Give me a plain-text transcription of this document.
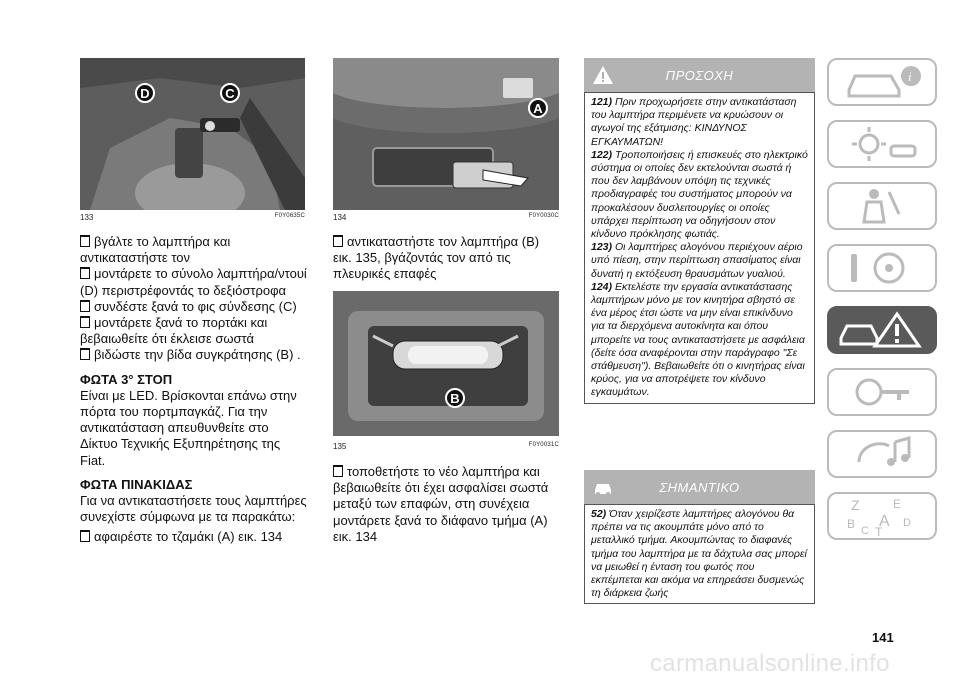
D	C
133	F0Y0635C
βγάλτε το λαμπτήρα και αντικαταστήστε τον
μοντάρετε το σύνολο λαμπτήρα/ντουί (D) περιστρέφοντάς το δεξιόστροφα
συνδέστε ξανά το φις σύνδεσης (C)
μοντάρετε ξανά το πορτάκι και βεβαιωθείτε ότι έκλεισε σωστά
βιδώστε την βίδα συγκράτησης (B) .
ΦΩΤΑ 3° ΣΤΟΠ
Είναι με LED. Βρίσκονται επάνω στην πόρτα του πορτμπαγκάζ. Για την αντικατάσταση απευθυνθείτε στο Δίκτυο Τεχνικής Εξυπηρέτησης της Fiat.
ΦΩΤΑ ΠΙΝΑΚΙΔΑΣ
Για να αντικαταστήσετε τους λαμπτήρες συνεχίστε σύμφωνα με τα παρακάτω:
αφαιρέστε το τζαμάκι (A) εικ. 134
A
134	F0Y0030C
αντικαταστήστε τον λαμπτήρα (B) εικ. 135, βγάζοντάς τον από τις πλευρικές επαφές
B
135	F0Y0031C
τοποθετήστε το νέο λαμπτήρα και βεβαιωθείτε ότι έχει ασφαλίσει σωστά μεταξύ των επαφών, στη συνέχεια μοντάρετε ξανά το διάφανο τμήμα (A) εικ. 134
ΠΡΟΣΟΧΗ
121) Πριν προχωρήσετε στην αντικατάσταση του λαμπτήρα περιμένετε να κρυώσουν οι αγωγοί της εξάτμισης: ΚΙΝΔΥΝΟΣ ΕΓΚΑΥΜΑΤΩΝ!
122) Τροποποιήσεις ή επισκευές στο ηλεκτρικό σύστημα οι οποίες δεν εκτελούνται σωστά ή που δεν λαμβάνουν υπόψη τις τεχνικές προδιαγραφές του συστήματος μπορούν να προκαλέσουν δυσλειτουργίες οι οποίες υπάρχει περίπτωση να οδηγήσουν στον κίνδυνο πρόκλησης φωτιάς.
123) Οι λαμπτήρες αλογόνου περιέχουν αέριο υπό πίεση, στην περίπτωση σπασίματος είναι δυνατή η εκτόξευση θραυσμάτων γυαλιού.
124) Εκτελέστε την εργασία αντικατάστασης λαμπτήρων μόνο με τον κινητήρα σβηστό σε ένα μέρος έτσι ώστε να μην είναι επικίνδυνο για τα διερχόμενα αυτοκίνητα και όπου μπορείτε να τους αντικαταστήσετε με ασφάλεια (δείτε όσα αναφέρονται στην παράγραφο "Σε στάθμευση"). Βεβαιωθείτε ότι ο κινητήρας είναι κρύος, για να αποτρέψετε τον κίνδυνο εγκαυμάτων.
ΣΗΜΑΝΤΙΚΟ
52) Όταν χειρίζεστε λαμπτήρες αλογόνου θα πρέπει να τις ακουμπάτε μόνο από το μεταλλικό τμήμα. Ακουμπώντας το διαφανές τμήμα του λαμπτήρα με τα δάχτυλα σας μπορεί να μειωθεί η ένταση του φωτός που εκπέμπεται και ακόμα να επηρεάσει δυσμενώς τη διάρκεια ζωής
i
Z	E
B A
C
D
T
141
carmanualsonline.info
